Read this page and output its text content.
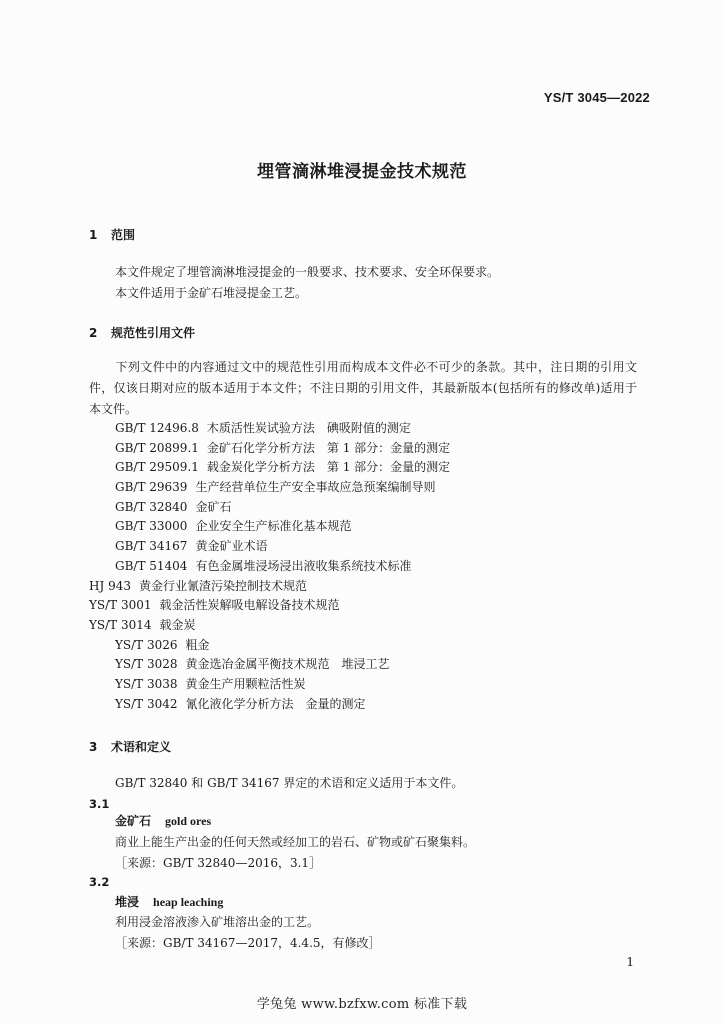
YS/T 3045—2022
埋管滴淋堆浸提金技术规范
1 范围
本文件规定了埋管滴淋堆浸提金的一般要求、技术要求、安全环保要求。
本文件适用于金矿石堆浸提金工艺。
2 规范性引用文件
下列文件中的内容通过文中的规范性引用而构成本文件必不可少的条款。其中，注日期的引用文件，仅该日期对应的版本适用于本文件；不注日期的引用文件，其最新版本(包括所有的修改单)适用于本文件。
GB/T 12496.8 木质活性炭试验方法　碘吸附值的测定
GB/T 20899.1 金矿石化学分析方法　第 1 部分：金量的测定
GB/T 29509.1 载金炭化学分析方法　第 1 部分：金量的测定
GB/T 29639 生产经营单位生产安全事故应急预案编制导则
GB/T 32840 金矿石
GB/T 33000 企业安全生产标准化基本规范
GB/T 34167 黄金矿业术语
GB/T 51404 有色金属堆浸场浸出液收集系统技术标准
HJ 943 黄金行业氰渣污染控制技术规范
YS/T 3001 载金活性炭解吸电解设备技术规范
YS/T 3014 载金炭
YS/T 3026 粗金
YS/T 3028 黄金选冶金属平衡技术规范　堆浸工艺
YS/T 3038 黄金生产用颗粒活性炭
YS/T 3042 氰化液化学分析方法　金量的测定
3 术语和定义
GB/T 32840 和 GB/T 34167 界定的术语和定义适用于本文件。
3.1
金矿石 gold ores
商业上能生产出金的任何天然或经加工的岩石、矿物或矿石聚集料。
［来源：GB/T 32840—2016，3.1］
3.2
堆浸 heap leaching
利用浸金溶液渗入矿堆溶出金的工艺。
［来源：GB/T 34167—2017，4.4.5，有修改］
1
学兔兔 www.bzfxw.com 标准下载
